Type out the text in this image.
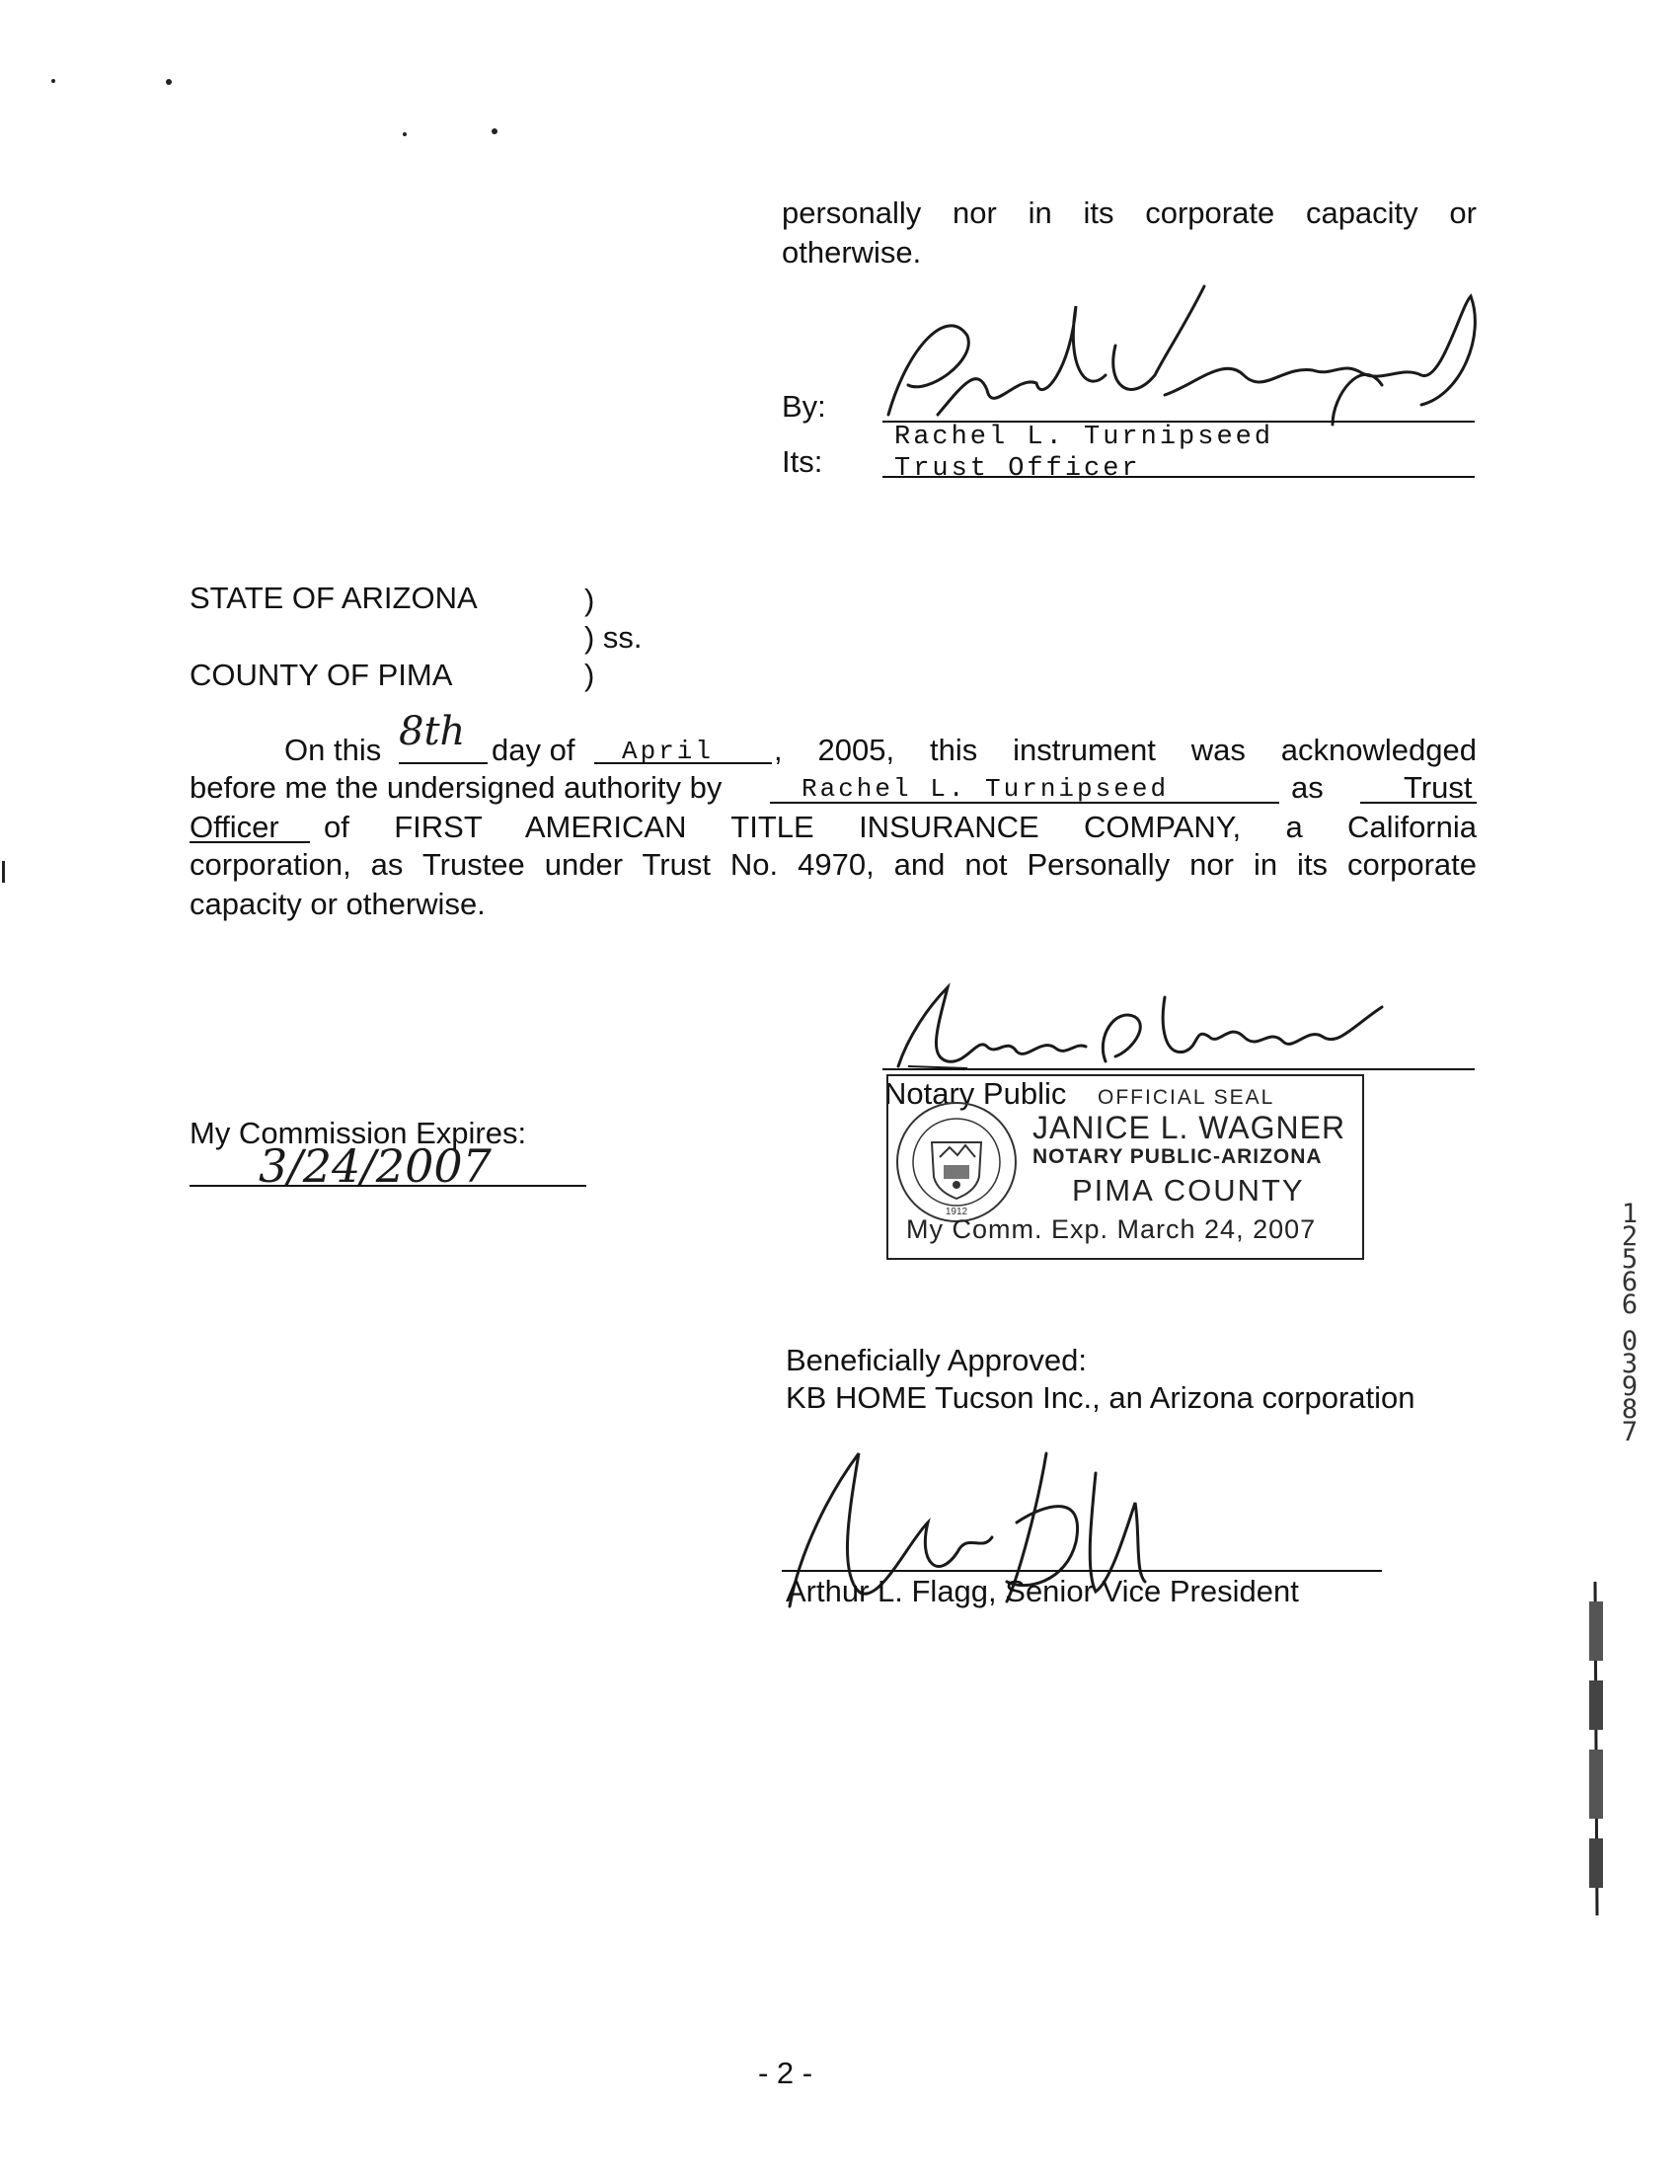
personally nor in its corporate capacity or
otherwise.
By:
Rachel L. Turnipseed
Its:	Trust Officer
STATE OF ARIZONA	)
) ss.
COUNTY OF PIMA	)
On this 8th day of April , 2005, this instrument was acknowledged
before me the undersigned authority by	Rachel L. Turnipseed	as	Trust
Officer of FIRST AMERICAN TITLE INSURANCE COMPANY, a California
corporation, as Trustee under Trust No. 4970, and not Personally nor in its corporate
capacity or otherwise.
Notary Public
1912
OFFICIAL SEAL
JANICE L. WAGNER
NOTARY PUBLIC-ARIZONA
PIMA COUNTY
My Comm. Exp. March 24, 2007
My Commission Expires:
3/24/2007
1
2
5
6
6
0
3
9
8
7
Beneficially Approved:
KB HOME Tucson Inc., an Arizona corporation
Arthur L. Flagg, Senior Vice President
- 2 -
